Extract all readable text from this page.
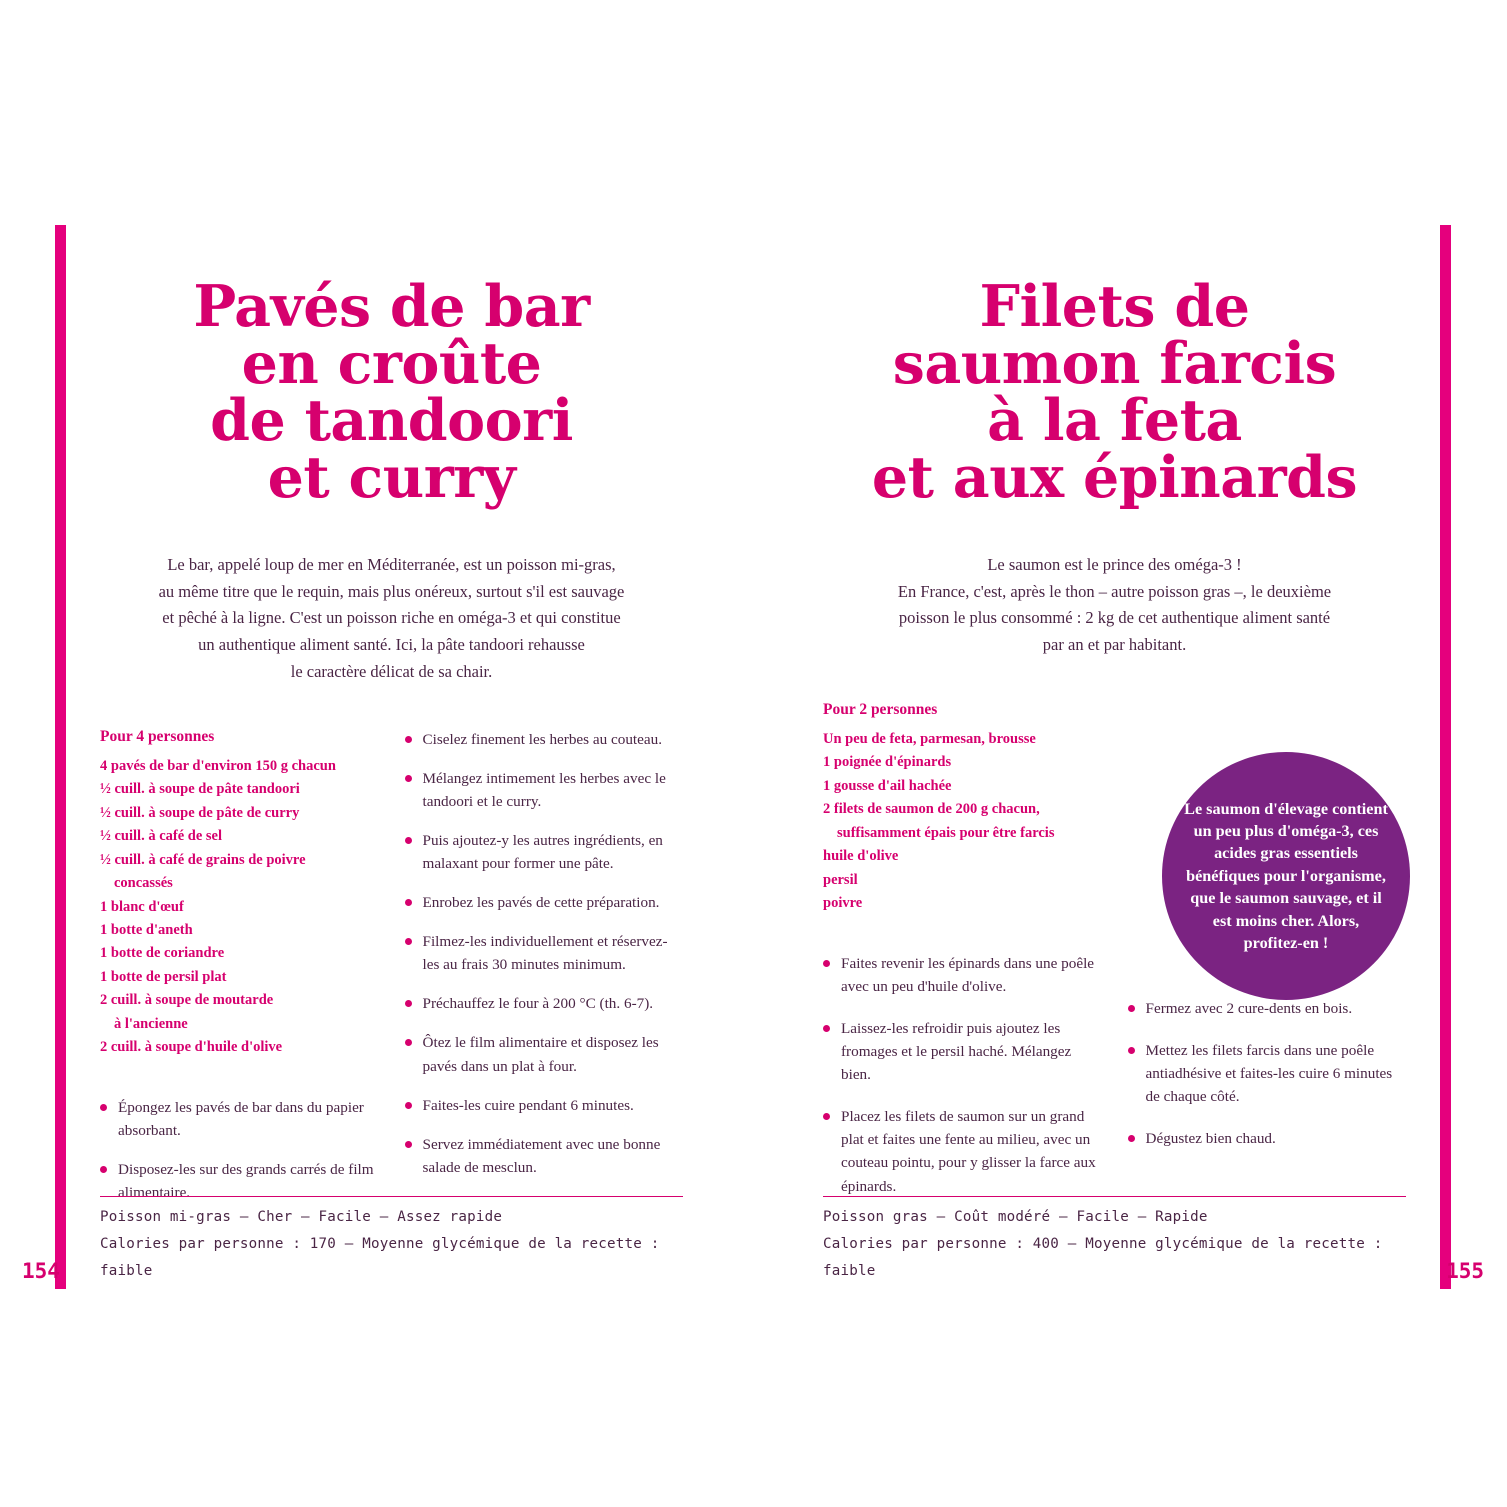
154
Pavés de bar
en croûte
de tandoori
et curry
Le bar, appelé loup de mer en Méditerranée, est un poisson mi-gras,
au même titre que le requin, mais plus onéreux, surtout s'il est sauvage
et pêché à la ligne. C'est un poisson riche en oméga-3 et qui constitue
un authentique aliment santé. Ici, la pâte tandoori rehausse
le caractère délicat de sa chair.
Pour 4 personnes
4 pavés de bar d'environ 150 g chacun
½ cuill. à soupe de pâte tandoori
½ cuill. à soupe de pâte de curry
½ cuill. à café de sel
½ cuill. à café de grains de poivre
concassés
1 blanc d'œuf
1 botte d'aneth
1 botte de coriandre
1 botte de persil plat
2 cuill. à soupe de moutarde
à l'ancienne
2 cuill. à soupe d'huile d'olive
Épongez les pavés de bar dans du papier absorbant.
Disposez-les sur des grands carrés de film alimentaire.
Ciselez finement les herbes au couteau.
Mélangez intimement les herbes avec le tandoori et le curry.
Puis ajoutez-y les autres ingrédients, en malaxant pour former une pâte.
Enrobez les pavés de cette préparation.
Filmez-les individuellement et réservez-les au frais 30 minutes minimum.
Préchauffez le four à 200 °C (th. 6-7).
Ôtez le film alimentaire et disposez les pavés dans un plat à four.
Faites-les cuire pendant 6 minutes.
Servez immédiatement avec une bonne salade de mesclun.
Poisson mi-gras – Cher – Facile – Assez rapide
Calories par personne : 170 – Moyenne glycémique de la recette : faible	155
Filets de
saumon farcis
à la feta
et aux épinards
Le saumon est le prince des oméga-3 !
En France, c'est, après le thon – autre poisson gras –, le deuxième
poisson le plus consommé : 2 kg de cet authentique aliment santé
par an et par habitant.
Pour 2 personnes
Un peu de feta, parmesan, brousse
1 poignée d'épinards
1 gousse d'ail hachée
2 filets de saumon de 200 g chacun,
suffisamment épais pour être farcis
huile d'olive
persil
poivre
Faites revenir les épinards dans une poêle avec un peu d'huile d'olive.
Laissez-les refroidir puis ajoutez les fromages et le persil haché. Mélangez bien.
Placez les filets de saumon sur un grand plat et faites une fente au milieu, avec un couteau pointu, pour y glisser la farce aux épinards.
Fermez avec 2 cure-dents en bois.
Mettez les filets farcis dans une poêle antiadhésive et faites-les cuire 6 minutes de chaque côté.
Dégustez bien chaud.
Le saumon d'élevage contient un peu plus d'oméga-3, ces acides gras essentiels bénéfiques pour l'organisme, que le saumon sauvage, et il est moins cher. Alors, profitez-en !
Poisson gras – Coût modéré – Facile – Rapide
Calories par personne : 400 – Moyenne glycémique de la recette : faible
